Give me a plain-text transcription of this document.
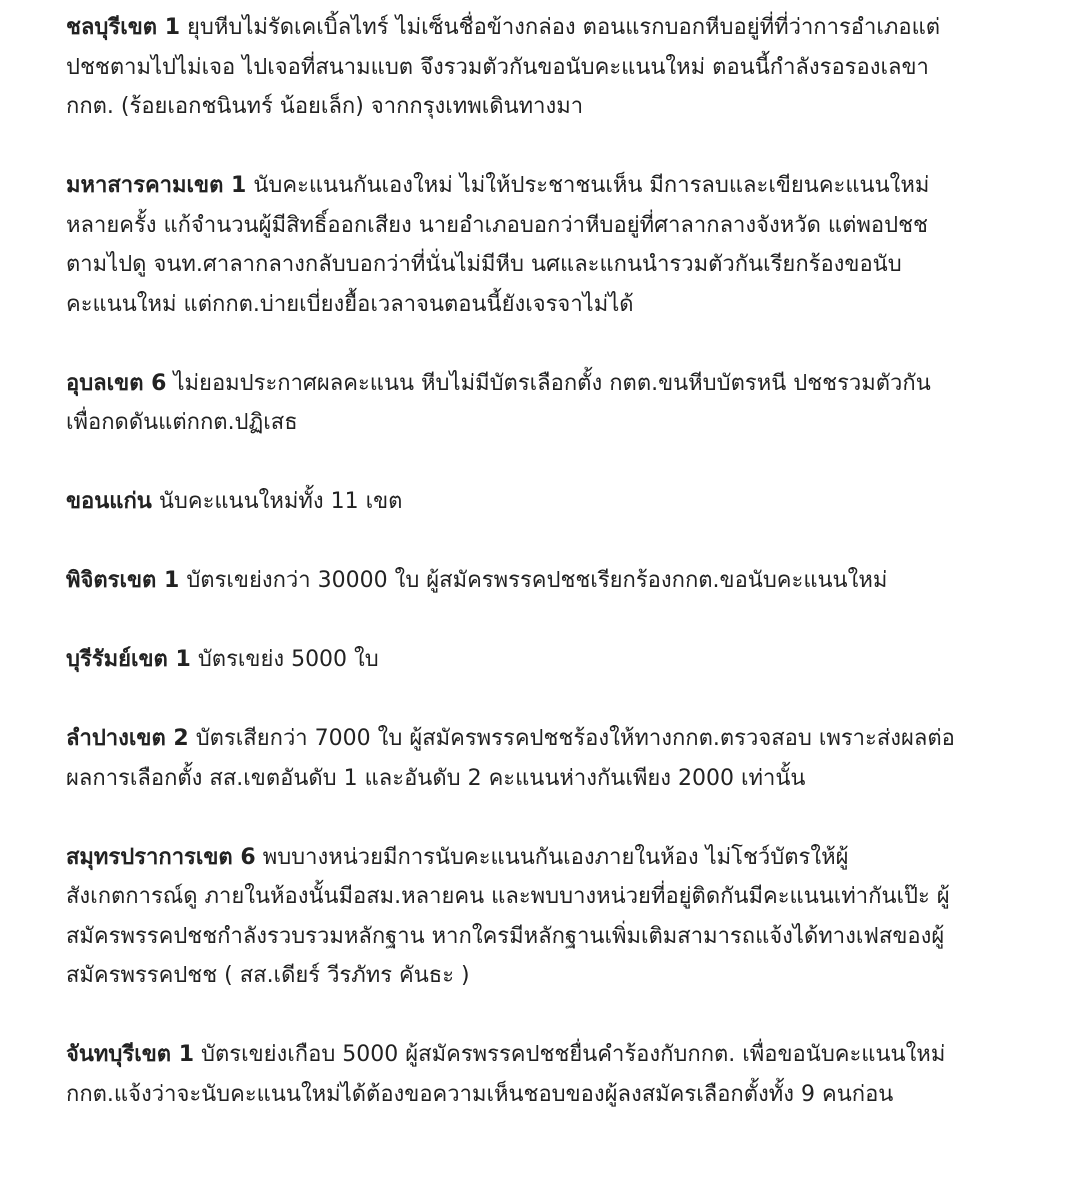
ชลบุรีเขต 1 ยุบหีบไม่รัดเคเบิ้ลไทร์ ไม่เซ็นชื่อข้างกล่อง ตอนแรกบอกหีบอยู่ที่ที่ว่าการอำเภอแต่
ปชชตามไปไม่เจอ ไปเจอที่สนามแบต จึงรวมตัวกันขอนับคะแนนใหม่ ตอนนี้กำลังรอรองเลขา
กกต. (ร้อยเอกชนินทร์ น้อยเล็ก) จากกรุงเทพเดินทางมา

มหาสารคามเขต 1 นับคะแนนกันเองใหม่ ไม่ให้ประชาชนเห็น มีการลบและเขียนคะแนนใหม่
หลายครั้ง แก้จำนวนผู้มีสิทธิ์ออกเสียง นายอำเภอบอกว่าหีบอยู่ที่ศาลากลางจังหวัด แต่พอปชช
ตามไปดู จนท.ศาลากลางกลับบอกว่าที่นั่นไม่มีหีบ นศและแกนนำรวมตัวกันเรียกร้องขอนับ
คะแนนใหม่ แต่กกต.บ่ายเบี่ยงยื้อเวลาจนตอนนี้ยังเจรจาไม่ได้

อุบลเขต 6 ไม่ยอมประกาศผลคะแนน หีบไม่มีบัตรเลือกตั้ง กตต.ขนหีบบัตรหนี ปชชรวมตัวกัน
เพื่อกดดันแต่กกต.ปฏิเสธ

ขอนแก่น นับคะแนนใหม่ทั้ง 11 เขต

พิจิตรเขต 1 บัตรเขย่งกว่า 30000 ใบ ผู้สมัครพรรคปชชเรียกร้องกกต.ขอนับคะแนนใหม่

บุรีรัมย์เขต 1 บัตรเขย่ง 5000 ใบ

ลำปางเขต 2 บัตรเสียกว่า 7000 ใบ ผู้สมัครพรรคปชชร้องให้ทางกกต.ตรวจสอบ เพราะส่งผลต่อ
ผลการเลือกตั้ง สส.เขตอันดับ 1 และอันดับ 2 คะแนนห่างกันเพียง 2000 เท่านั้น

สมุทรปราการเขต 6 พบบางหน่วยมีการนับคะแนนกันเองภายในห้อง ไม่โชว์บัตรให้ผู้
สังเกตการณ์ดู ภายในห้องนั้นมีอสม.หลายคน และพบบางหน่วยที่อยู่ติดกันมีคะแนนเท่ากันเป๊ะ ผู้
สมัครพรรคปชชกำลังรวบรวมหลักฐาน หากใครมีหลักฐานเพิ่มเติมสามารถแจ้งได้ทางเฟสของผู้
สมัครพรรคปชช ( สส.เดียร์ วีรภัทร คันธะ )

จันทบุรีเขต 1 บัตรเขย่งเกือบ 5000 ผู้สมัครพรรคปชชยื่นคำร้องกับกกต. เพื่อขอนับคะแนนใหม่
กกต.แจ้งว่าจะนับคะแนนใหม่ได้ต้องขอความเห็นชอบของผู้ลงสมัครเลือกตั้งทั้ง 9 คนก่อน
